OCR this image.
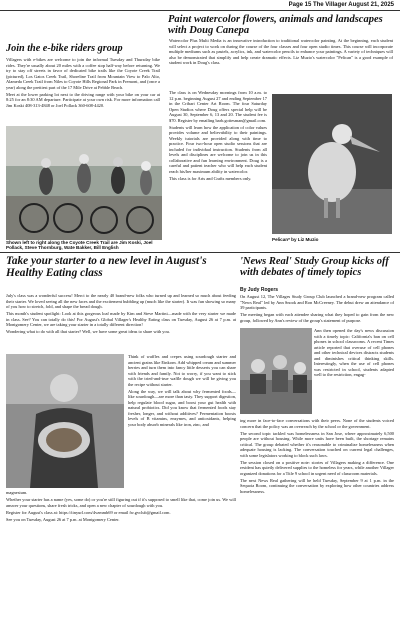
Page 15 The Villager August 21, 2025
Join the e-bike riders group

Villagers with e-bikes are welcome to join the informal Tuesday and Thursday bike rides. They're usually about 20 miles with a coffee stop half-way before returning. We try to stay off streets in favor of dedicated bike trails like the Coyote Creek Trail (pictured), Los Gatos Creek Trail, Shoreline Trail from Mountain View to Palo Alto, Alameda Creek Trail from Niles to Coyote Hills Regional Park in Fremont, and (once a year) along the prettiest part of the 17 Mile Drive at Pebble Beach.

Meet at the lower parking lot next to the driving range with your bike on your car at 8:25 for an 8:30 AM departure. Participate at your own risk. For more information call Jim Koski 408-313-4848 or Joel Pollack 360-608-4420.

Shown left to right along the Coyote Creek Trail are Jim Koski, Joel Pollack, Steve Thornburg, Wate Bakker, Bill English
Paint watercolor flowers, animals and landscapes with Doug Canepa

Watercolor Plus Multi Media is an innovative introduction to traditional watercolor painting. At the beginning, each student will select a project to work on during the course of the four classes and four open studio times. This course will incorporate multiple mediums such as pastels, acrylics, ink, and watercolor pencils to enhance your paintings. A variety of techniques will also be demonstrated that simplify and help create dramatic effects. Liz Muzio's watercolor "Pelican" is a good example of student work in Doug's class.

The class is on Wednesday mornings from 10 a.m. to 12 p.m. beginning August 27 and ending September 17 in the Cribari Center Art Room. The four Saturday Open Studios where Doug offers special help will be August 30, September 6, 13 and 20. The student fee is $70. Register by emailing barb.gottesman@gmail.com.

Students will learn how the application of color values provides volume and believability to their paintings. Weekly tutorials are provided along with time to practice. Four two-hour open studio sessions that are included for individual instruction. Students from all levels and disciplines are welcome to join us in this collaborative and fun learning environment. Doug is a careful and patient teacher who will help each student reach his/her maximum ability in watercolor.

This class is for Arts and Crafts members only.

Pelican* by Liz Muzio
Take your starter to a new level in August's Healthy Eating class

July's class was a wonderful success! Merci to the nearly 40 brand-new folks who turned up and learned so much about feeding their starter. We loved seeing all the new faces and the excitement bubbling up (much like the starter). It was fun showing so many of you how to stretch, fold, and shape the bread dough.

This month's student spotlight: Look at this gorgeous loaf made by Kim and Steve Martini—made with the very starter we made in class. See? You can totally do this! For August's Global Villager's Healthy Eating class on Tuesday, August 26 at 7 p.m. at Montgomery Center, we are taking your starter in a totally different direction!

Wondering what to do with all that starter? Well, we have some great ideas to share with you.

Think of waffles and crepes using sourdough starter and ancient grains like Einkorn. Add whipped cream and summer berries and turn them into fancy little desserts you can share with friends and family. Not to worry, if you want to stick with the tried-and-true waffle dough we will be giving you the recipe without starter.

Along the way, we will talk about why fermented foods—like sourdough—are more than tasty. They support digestion, help regulate blood sugar, and boost your gut health with natural probiotics. Did you know that fermented foods stay fresher, longer, and without additives? Fermentation boosts levels of B vitamins, enzymes, and antioxidants, helping your body absorb minerals like iron, zinc, and

magnesium.

Whether your starter has a name (yes, some do) or you're still figuring out if it's supposed to smell like that, come join us. We will answer your questions, share fresh tricks, and open a new chapter of sourdough with you.

Register for August's class at: https://tinyurl.com/4vzmmb69 or email fw.gvclub@gmail.com.

See you on Tuesday, August 26 at 7 p.m. at Montgomery Center.

'News Real' Study Group kicks off with debates of timely topics
By Judy Rogers

On August 12, The Villages Study Group Club launched a brand-new program called "News Real" led by Ann Snook and Ron McCreeney. The debut drew an attendance of 39 participants.

The meeting began with each attendee sharing what they hoped to gain from the new group, followed by Ann's review of the group's statement of purpose.

Ann then opened the day's news discussion with a timely topic: California's ban on cell phones in school classrooms. A recent Times article reported that overuse of cell phones and other technical devices distracts students and diminishes critical thinking skills. Interestingly, when the use of cell phones was restricted in school, students adapted well to the restriction, engag-

ing more in face-to-face conversations with their peers. None of the students voiced concern that the policy was an overreach by the school or the government.

The second topic tackled was homelessness in San Jose, where approximately 6,500 people are without housing. While more units have been built, the shortage remains critical. The group debated whether it's reasonable to criminalize homelessness when adequate housing is lacking. The conversation touched on current legal challenges, with some legislators working to block such laws.

The session closed on a positive note: stories of Villagers making a difference. One resident has quietly delivered supplies to the homeless for years, while another Villager organized donations for a Title 9 school in urgent need of classroom materials.

The next News Real gathering will be held Tuesday, September 9 at 1 p.m. in the Sequoia Room, continuing the conversation by exploring how other countries address homelessness.
